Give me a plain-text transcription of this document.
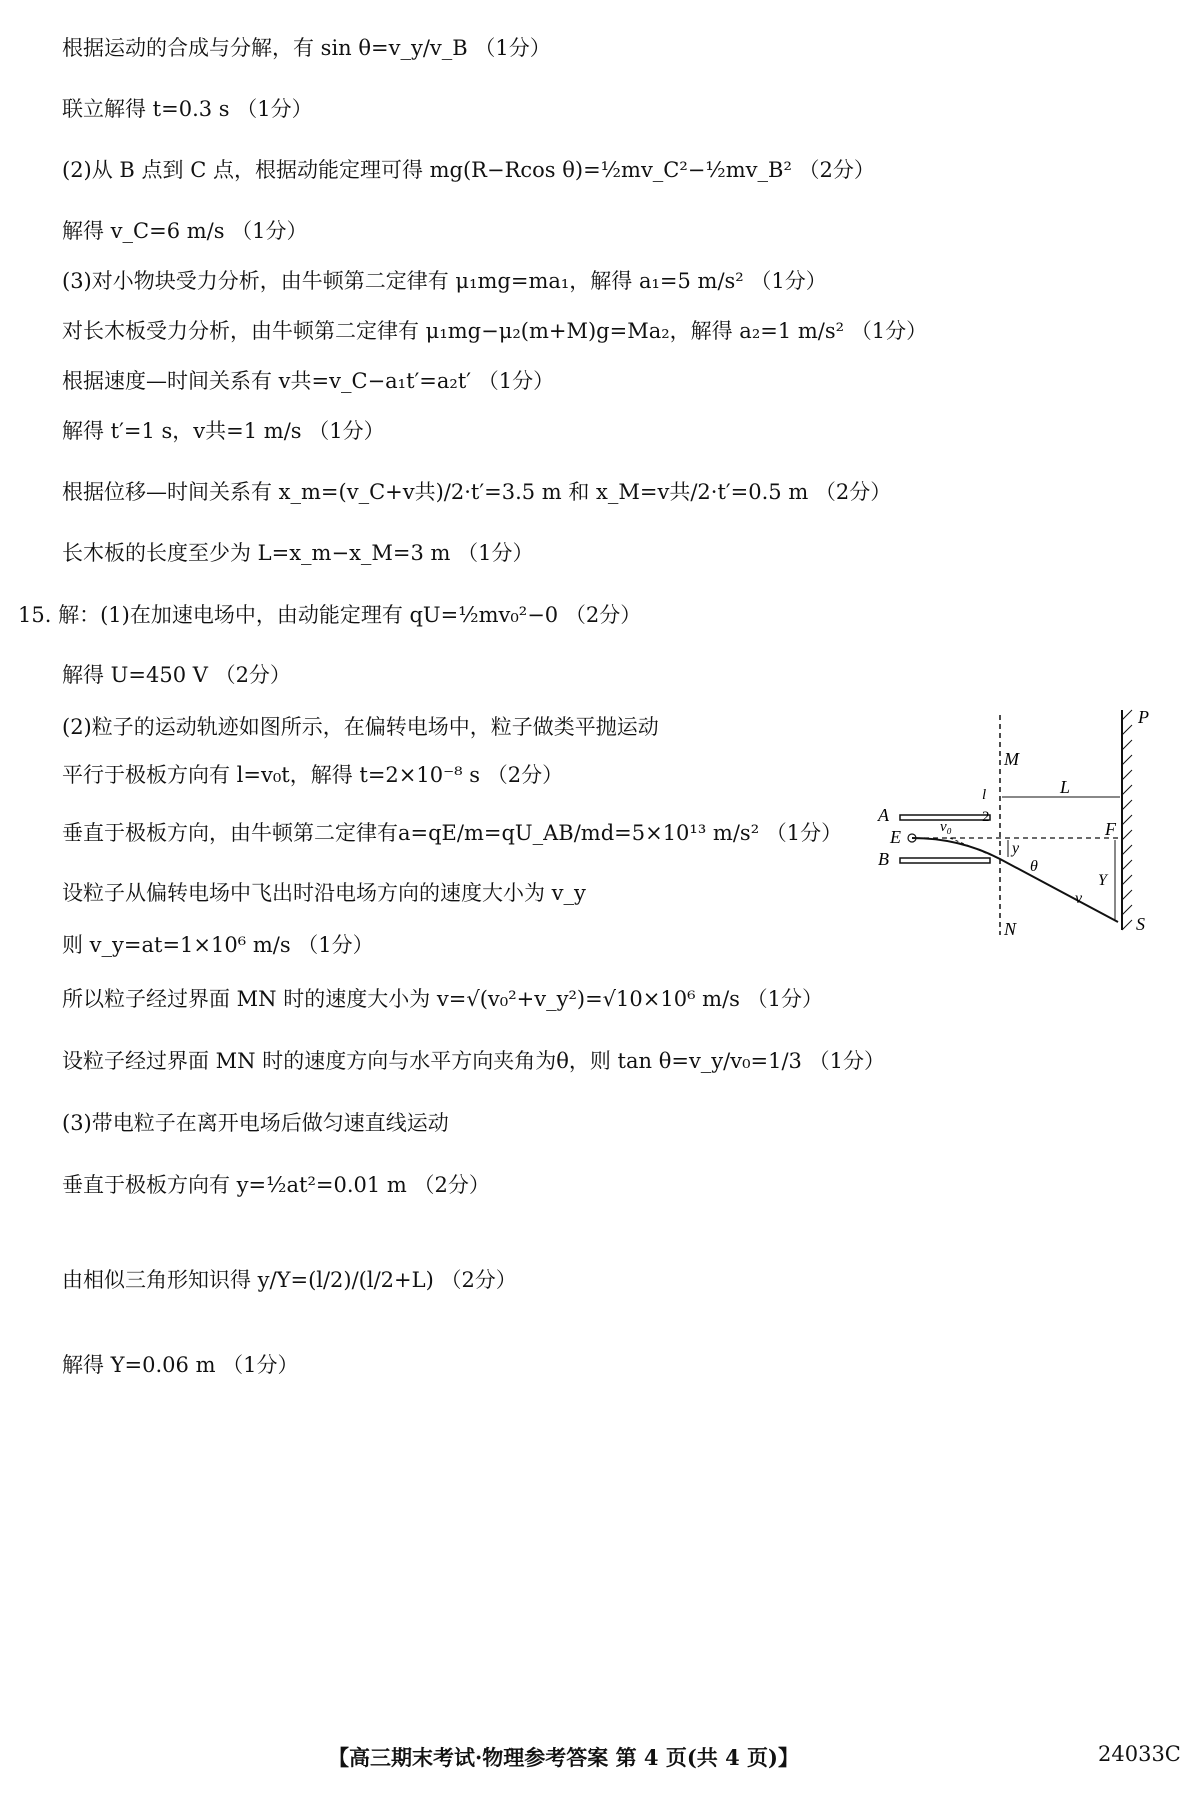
根据运动的合成与分解，有 sin θ=v_y/v_B （1分）
联立解得 t=0.3 s （1分）
(2)从 B 点到 C 点，根据动能定理可得 mg(R−Rcos θ)=½mv_C²−½mv_B² （2分）
解得 v_C=6 m/s （1分）
(3)对小物块受力分析，由牛顿第二定律有 μ₁mg=ma₁，解得 a₁=5 m/s² （1分）
对长木板受力分析，由牛顿第二定律有 μ₁mg−μ₂(m+M)g=Ma₂，解得 a₂=1 m/s² （1分）
根据速度—时间关系有 v共=v_C−a₁t′=a₂t′ （1分）
解得 t′=1 s，v共=1 m/s （1分）
根据位移—时间关系有 x_m=(v_C+v共)/2·t′=3.5 m 和 x_M=v共/2·t′=0.5 m （2分）
长木板的长度至少为 L=x_m−x_M=3 m （1分）
15. 解：(1)在加速电场中，由动能定理有 qU=½mv₀²−0 （2分）
解得 U=450 V （2分）
(2)粒子的运动轨迹如图所示，在偏转电场中，粒子做类平抛运动
平行于极板方向有 l=v₀t，解得 t=2×10⁻⁸ s （2分）
垂直于极板方向，由牛顿第二定律有a=qE/m=qU_AB/md=5×10¹³ m/s² （1分）
设粒子从偏转电场中飞出时沿电场方向的速度大小为 v_y
则 v_y=at=1×10⁶ m/s （1分）
所以粒子经过界面 MN 时的速度大小为 v=√(v₀²+v_y²)=√10×10⁶ m/s （1分）
设粒子经过界面 MN 时的速度方向与水平方向夹角为θ，则 tan θ=v_y/v₀=1/3 （1分）
(3)带电粒子在离开电场后做匀速直线运动
垂直于极板方向有 y=½at²=0.01 m （2分）
由相似三角形知识得 y/Y=(l/2)/(l/2+L) （2分）
解得 Y=0.06 m （1分）
A
B
E
M
N
P
F
S
L
Y
y
v₀
v
θ
l
2
【高三期末考试·物理参考答案 第 4 页(共 4 页)】	24033C
